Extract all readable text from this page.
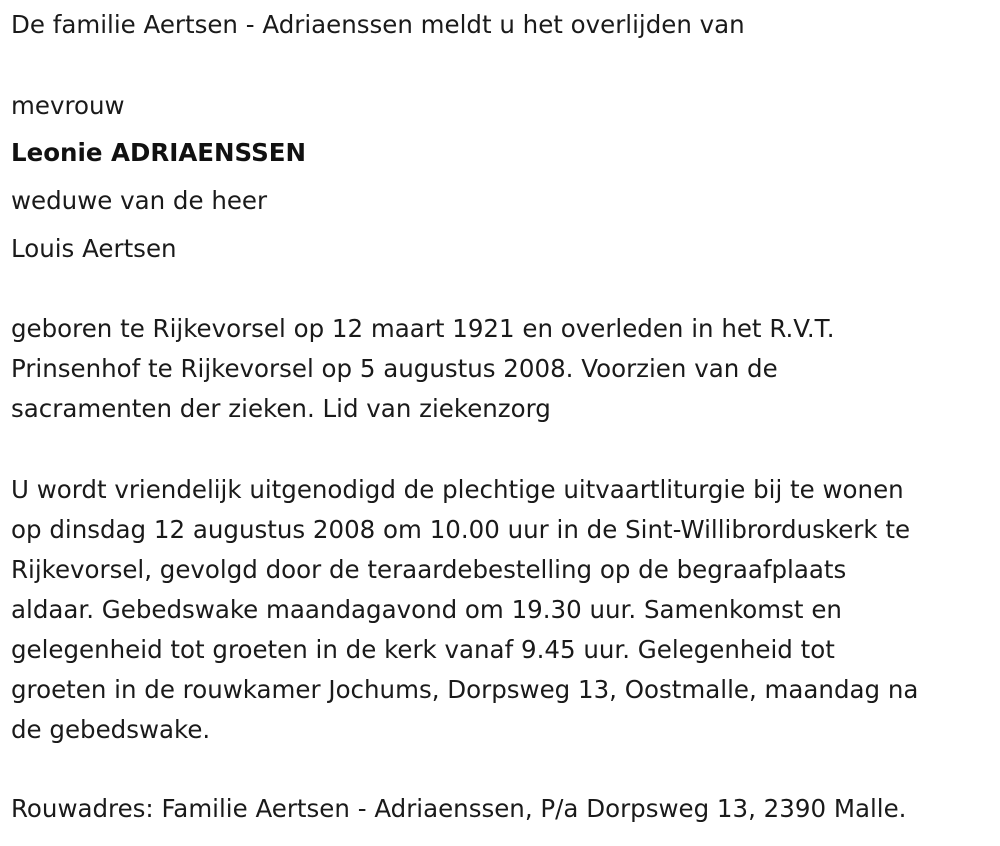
De familie Aertsen - Adriaenssen meldt u het overlijden van
mevrouw
Leonie ADRIAENSSEN
weduwe van de heer
Louis Aertsen
geboren te Rijkevorsel op 12 maart 1921 en overleden in het R.V.T.
Prinsenhof te Rijkevorsel op 5 augustus 2008. Voorzien van de
sacramenten der zieken. Lid van ziekenzorg
U wordt vriendelijk uitgenodigd de plechtige uitvaartliturgie bij te wonen
op dinsdag 12 augustus 2008 om 10.00 uur in de Sint-Willibrorduskerk te
Rijkevorsel, gevolgd door de teraardebestelling op de begraafplaats
aldaar. Gebedswake maandagavond om 19.30 uur. Samenkomst en
gelegenheid tot groeten in de kerk vanaf 9.45 uur. Gelegenheid tot
groeten in de rouwkamer Jochums, Dorpsweg 13, Oostmalle, maandag na
de gebedswake.
Rouwadres: Familie Aertsen - Adriaenssen, P/a Dorpsweg 13, 2390 Malle.
